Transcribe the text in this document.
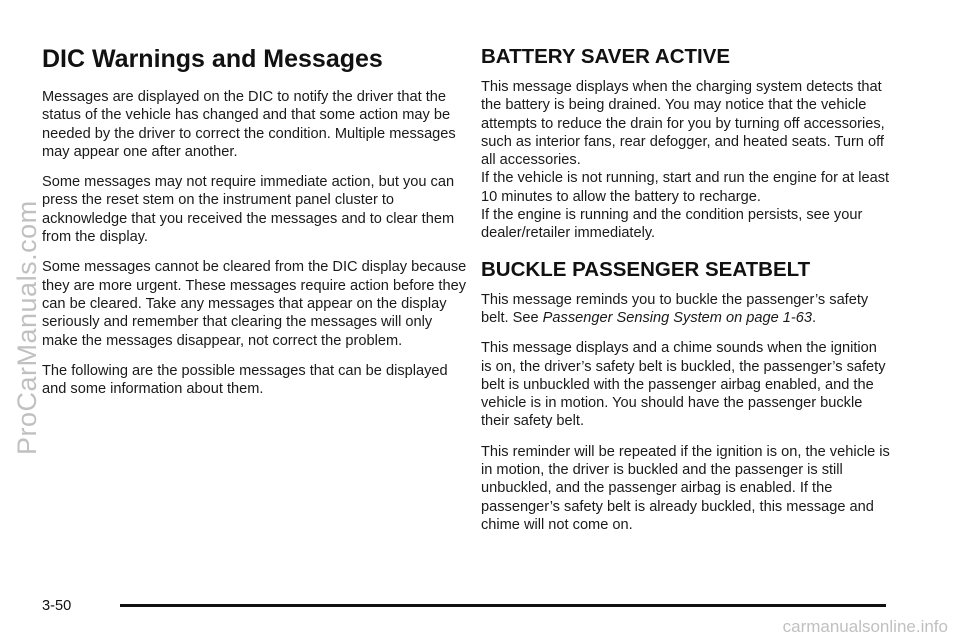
DIC Warnings and Messages

Messages are displayed on the DIC to notify the driver that the status of the vehicle has changed and that some action may be needed by the driver to correct the condition. Multiple messages may appear one after another.

Some messages may not require immediate action, but you can press the reset stem on the instrument panel cluster to acknowledge that you received the messages and to clear them from the display.

Some messages cannot be cleared from the DIC display because they are more urgent. These messages require action before they can be cleared. Take any messages that appear on the display seriously and remember that clearing the messages will only make the messages disappear, not correct the problem.

The following are the possible messages that can be displayed and some information about them.

BATTERY SAVER ACTIVE

This message displays when the charging system detects that the battery is being drained. You may notice that the vehicle attempts to reduce the drain for you by turning off accessories, such as interior fans, rear defogger, and heated seats. Turn off all accessories.

If the vehicle is not running, start and run the engine for at least 10 minutes to allow the battery to recharge.

If the engine is running and the condition persists, see your dealer/retailer immediately.

BUCKLE PASSENGER SEATBELT

This message reminds you to buckle the passenger’s safety belt. See Passenger Sensing System on page 1-63.

This message displays and a chime sounds when the ignition is on, the driver’s safety belt is buckled, the passenger’s safety belt is unbuckled with the passenger airbag enabled, and the vehicle is in motion. You should have the passenger buckle their safety belt.

This reminder will be repeated if the ignition is on, the vehicle is in motion, the driver is buckled and the passenger is still unbuckled, and the passenger airbag is enabled. If the passenger’s safety belt is already buckled, this message and chime will not come on.

ProCarManuals.com
3-50
carmanualsonline.info
